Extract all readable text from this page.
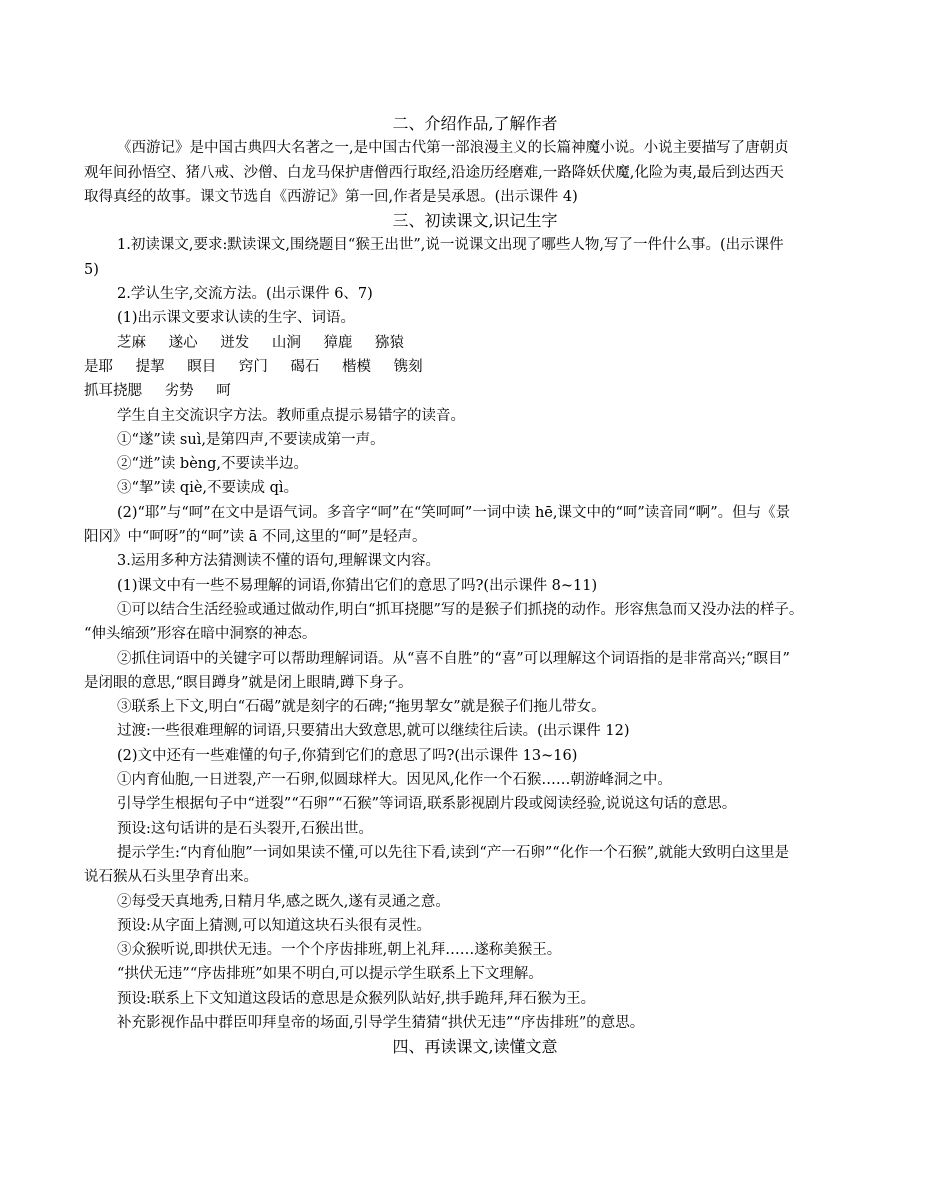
二、介绍作品,了解作者
《西游记》是中国古典四大名著之一,是中国古代第一部浪漫主义的长篇神魔小说。小说主要描写了唐朝贞
观年间孙悟空、猪八戒、沙僧、白龙马保护唐僧西行取经,沿途历经磨难,一路降妖伏魔,化险为夷,最后到达西天
取得真经的故事。课文节选自《西游记》第一回,作者是吴承恩。(出示课件 4)
三、初读课文,识记生字
1.初读课文,要求:默读课文,围绕题目“猴王出世”,说一说课文出现了哪些人物,写了一件什么事。(出示课件
5)
2.学认生字,交流方法。(出示课件 6、7)
(1)出示课文要求认读的生字、词语。
芝麻 遂心 迸发 山涧 獐鹿 猕猿
是耶 提挈 瞑目 窍门 碣石 楷模 镌刻
抓耳挠腮 劣势 呵
学生自主交流识字方法。教师重点提示易错字的读音。
①“遂”读 suì,是第四声,不要读成第一声。
②“迸”读 bèng,不要读半边。
③“挈”读 qiè,不要读成 qì。
(2)“耶”与“呵”在文中是语气词。多音字“呵”在“笑呵呵”一词中读 hē,课文中的“呵”读音同“啊”。但与《景
阳冈》中“呵呀”的“呵”读 ā 不同,这里的“呵”是轻声。
3.运用多种方法猜测读不懂的语句,理解课文内容。
(1)课文中有一些不易理解的词语,你猜出它们的意思了吗?(出示课件 8~11)
①可以结合生活经验或通过做动作,明白“抓耳挠腮”写的是猴子们抓挠的动作。形容焦急而又没办法的样子。
“伸头缩颈”形容在暗中洞察的神态。
②抓住词语中的关键字可以帮助理解词语。从“喜不自胜”的“喜”可以理解这个词语指的是非常高兴;“瞑目”
是闭眼的意思,“瞑目蹲身”就是闭上眼睛,蹲下身子。
③联系上下文,明白“石碣”就是刻字的石碑;“拖男挈女”就是猴子们拖儿带女。
过渡:一些很难理解的词语,只要猜出大致意思,就可以继续往后读。(出示课件 12)
(2)文中还有一些难懂的句子,你猜到它们的意思了吗?(出示课件 13~16)
①内育仙胞,一日迸裂,产一石卵,似圆球样大。因见风,化作一个石猴……朝游峰洞之中。
引导学生根据句子中“迸裂”“石卵”“石猴”等词语,联系影视剧片段或阅读经验,说说这句话的意思。
预设:这句话讲的是石头裂开,石猴出世。
提示学生:“内育仙胞”一词如果读不懂,可以先往下看,读到“产一石卵”“化作一个石猴”,就能大致明白这里是
说石猴从石头里孕育出来。
②每受天真地秀,日精月华,感之既久,遂有灵通之意。
预设:从字面上猜测,可以知道这块石头很有灵性。
③众猴听说,即拱伏无违。一个个序齿排班,朝上礼拜……遂称美猴王。
“拱伏无违”“序齿排班”如果不明白,可以提示学生联系上下文理解。
预设:联系上下文知道这段话的意思是众猴列队站好,拱手跪拜,拜石猴为王。
补充影视作品中群臣叩拜皇帝的场面,引导学生猜猜“拱伏无违”“序齿排班”的意思。
四、再读课文,读懂文意
